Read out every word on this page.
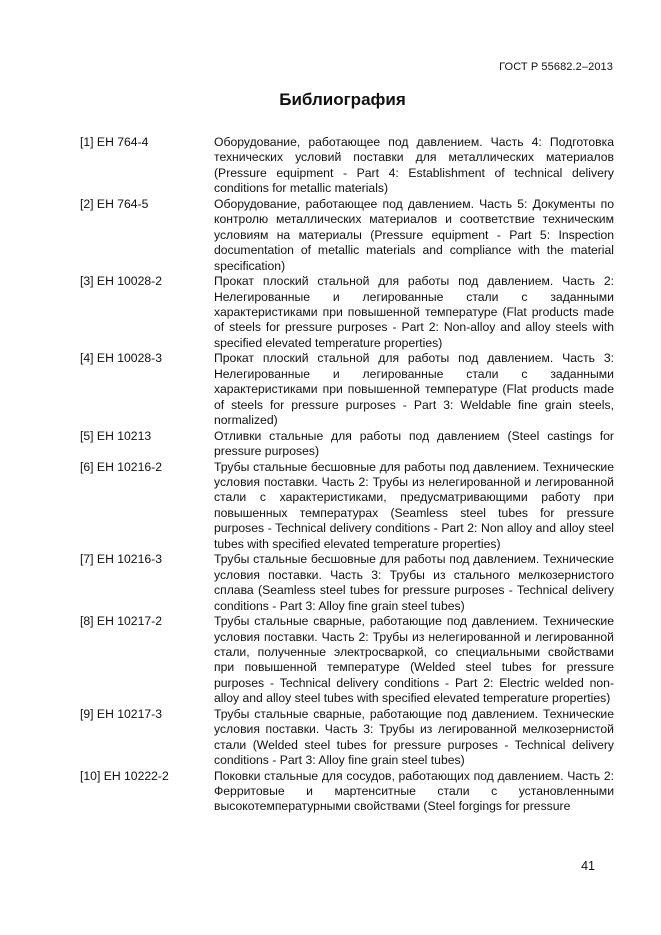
ГОСТ Р 55682.2–2013
Библиография
[1] EH 764-4	Оборудование, работающее под давлением. Часть 4: Подготовка технических условий поставки для металлических материалов (Pressure equipment - Part 4: Establishment of technical delivery conditions for metallic materials)
[2] EH 764-5	Оборудование, работающее под давлением. Часть 5: Документы по контролю металлических материалов и соответствие техническим условиям на материалы (Pressure equipment - Part 5: Inspection documentation of metallic materials and compliance with the material specification)
[3] EH 10028-2	Прокат плоский стальной для работы под давлением. Часть 2: Нелегированные и легированные стали с заданными характеристиками при повышенной температуре (Flat products made of steels for pressure purposes - Part 2: Non-alloy and alloy steels with specified elevated temperature properties)
[4] EH 10028-3	Прокат плоский стальной для работы под давлением. Часть 3: Нелегированные и легированные стали с заданными характеристиками при повышенной температуре (Flat products made of steels for pressure purposes - Part 3: Weldable fine grain steels, normalized)
[5] EH 10213	Отливки стальные для работы под давлением (Steel castings for pressure purposes)
[6] EH 10216-2	Трубы стальные бесшовные для работы под давлением. Технические условия поставки. Часть 2: Трубы из нелегированной и легированной стали с характеристиками, предусматривающими работу при повышенных температурах (Seamless steel tubes for pressure purposes - Technical delivery conditions - Part 2: Non alloy and alloy steel tubes with specified elevated temperature properties)
[7] EH 10216-3	Трубы стальные бесшовные для работы под давлением. Технические условия поставки. Часть 3: Трубы из стального мелкозернистого сплава (Seamless steel tubes for pressure purposes - Technical delivery conditions - Part 3: Alloy fine grain steel tubes)
[8] EH 10217-2	Трубы стальные сварные, работающие под давлением. Технические условия поставки. Часть 2: Трубы из нелегированной и легированной стали, полученные электросваркой, со специальными свойствами при повышенной температуре (Welded steel tubes for pressure purposes - Technical delivery conditions - Part 2: Electric welded non-alloy and alloy steel tubes with specified elevated temperature properties)
[9] EH 10217-3	Трубы стальные сварные, работающие под давлением. Технические условия поставки. Часть 3: Трубы из легированной мелкозернистой стали (Welded steel tubes for pressure purposes - Technical delivery conditions - Part 3: Alloy fine grain steel tubes)
[10] EH 10222-2	Поковки стальные для сосудов, работающих под давлением. Часть 2: Ферритовые и мартенситные стали с установленными высокотемпературными свойствами (Steel forgings for pressure
41
